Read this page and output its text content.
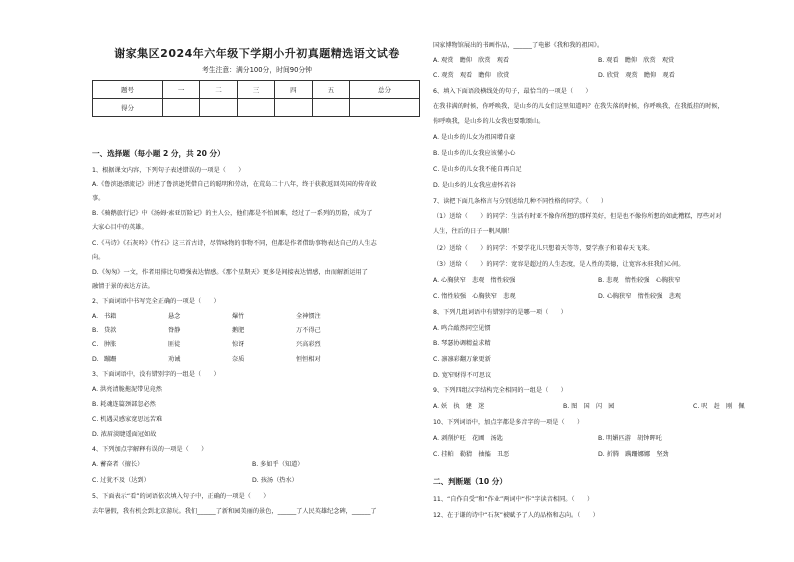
谢家集区2024年六年级下学期小升初真题精选语文试卷
考生注意：满分100分，时间90分钟
题号	一	二	三	四	五	总分
得分						
一、选择题（每小题 2 分，共 20 分）
1、根据课文内容，下列句子表述错误的一项是（　　）
A.《鲁滨逊漂流记》讲述了鲁滨逊凭借自己的聪明和劳动，在荒岛二十八年，终于获救返回英国的传奇故
事。
B.《骑鹅旅行记》中《汤姆·索亚历险记》的主人公，他们都是不怕困难，经过了一系列的历险，成为了
大家心目中的英雄。
C.《马诗》《石灰吟》《竹石》这三首古诗，尽管咏物的事物不同，但都是作者借助事物表达自己的人生志
向。
D.《匆匆》一文，作者用排比句增强表达情感。《那个星期天》更多是间接表达情感，由而解新运用了
融情于景的表达方法。
2、下面词语中书写完全正确的一项是（　　）
A. 书籍	悬念	爆竹	全神惯注
B. 贷款	脊静	鹅肥	万不得己
C. 肿胀	匪徒	惊讶	兴高彩烈
D. 蹦跚	劝诫	奈质	恒恒相对
3、下面词语中，没有错别字的一组是（　　）
A. 洪亮清脆拖泥带见竟然
B. 耗魂连篇颈部忽必然
C. 机遇灵感家宽思远苦难
D. 浓眉淡睫遥面冠如故
4、下列加点字解释有误的一项是（　　）
A. 蓄奋者（擅长）	B. 多如乎（知道）
C. 过犹不及（达到）	D. 孩汤（热水）
5、下面表示“看”的词语依次填入句子中，正确的一项是（　　）
去年暑假，我有机会到北京游玩。我们______了新和园美丽的景色，______了人民英雄纪念碑，______了
国家博物馆展出的书画作品，______了电影《我和我的祖国》。
A. 观赏　瞻仰　欣赏　观看	B. 观看　瞻仰　欣赏　观赏
C. 观赏　观看　瞻仰　欣赏	D. 欣赏　观赏　瞻仰　观看
6、填入下面语段横线处的句子，最恰当的一项是（　　）
在我非满的时候，你呼唤我，是山乡的儿女们这里知道吗？在我失落的时候，你呼唤我，在我抵挂的时候，
你呼唤我，是山乡的儿女我也要歌颂山。
A. 是山乡的儿女为祖国增自豪
B. 是山乡的儿女我应该懂小心
C. 是山乡的儿女我不能自再自足
D. 是山乡的儿女我应虚怀若谷
7、读把下面几条格言与分别送给几种不同性格的同学。（　　）
（1）送给（　　）的同学：生活有时亚不像你所想的那样美好，但是也不像你所想的如此糟糕，厚些对对
人生，往后的日子一帆风顺！
（2）送给（　　）的同学：不要学花儿只想着天等等，要学燕子和着春天飞来。
（3）送给（　　）的同学：宽容是超过的人生态度，是人性的美德，让宽容永驻我们心间。
A. 心胸狭窄　悲观　惰性较强	B. 悲观　惰性较强　心胸狭窄
C. 惰性较强　心胸狭窄　悲观	D. 心胸狭窄　惰性较强　悲观
8、下列几组词语中有错别字的是哪一项（　　）
A. 鸣合敲然同空见惯
B. 琴瑟协调精益求精
C. 凛凛彩翻万象更新
D. 宽窄财得不可思议
9、下列四组汉字结构完全相同的一组是（　　）
A. 妖　执　建　迷	B. 图　国　闪　园	C. 呎　赶　刚　佩
10、下列词语中，加点字都是多音字的一项是（　　）
A. 剥削护旺　花圃　汤匙	B. 明媚匹游　胡钟晖吒
C. 挂帕　勒猜　抽搐　丑恶	D. 折腾　蹒跚娜娜　坚劲
二、判断题（10 分）
11、“自作自受”和“作业”两词中“作”字读音相同。（　　）
12、在于谦的诗中“石灰”被赋予了人的品格和志向。（　　）
